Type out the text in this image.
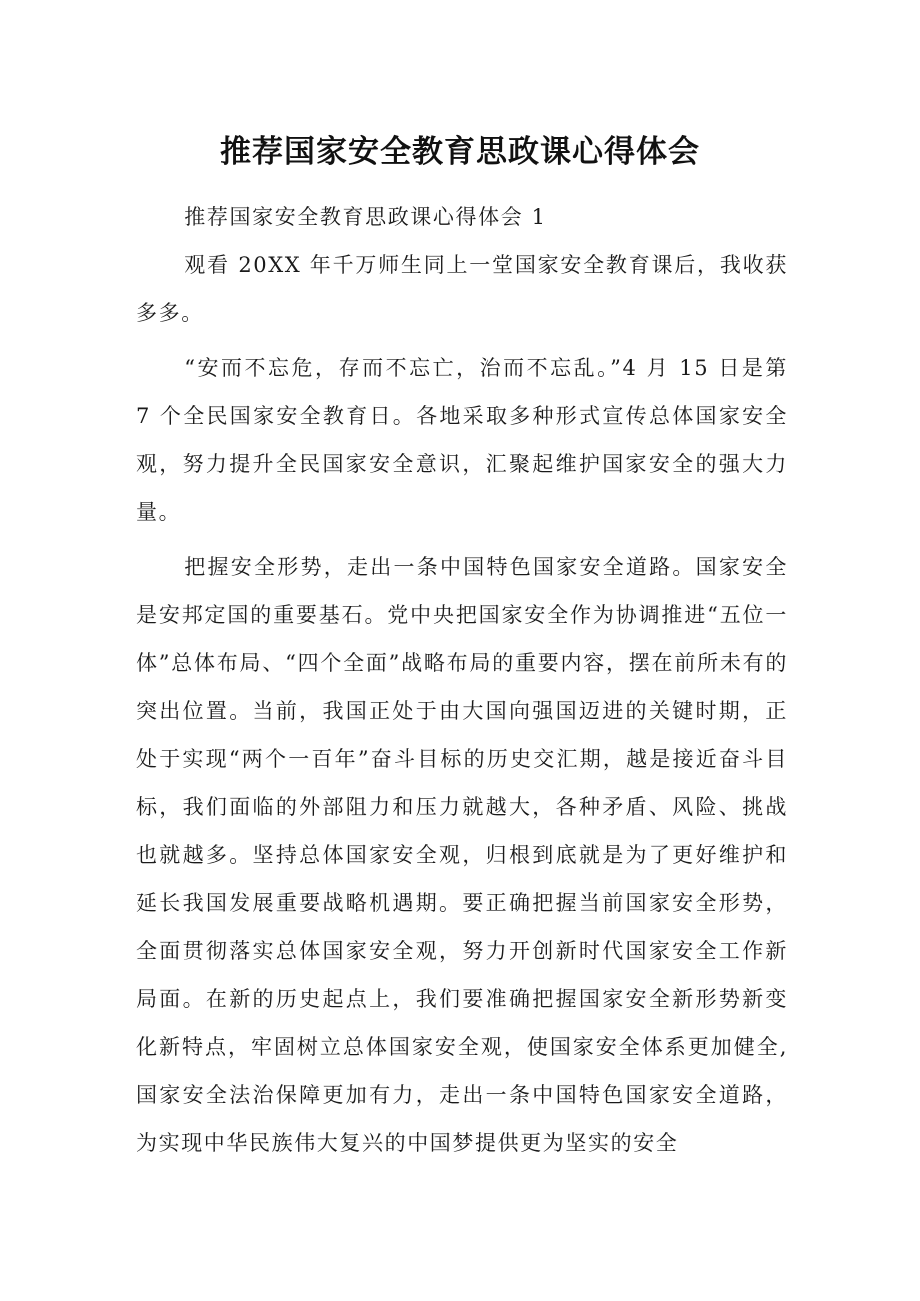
推荐国家安全教育思政课心得体会

推荐国家安全教育思政课心得体会 1

观看 20XX 年千万师生同上一堂国家安全教育课后，我收获多多。

“安而不忘危，存而不忘亡，治而不忘乱。”4 月 15 日是第 7 个全民国家安全教育日。各地采取多种形式宣传总体国家安全观，努力提升全民国家安全意识，汇聚起维护国家安全的强大力量。

把握安全形势，走出一条中国特色国家安全道路。国家安全是安邦定国的重要基石。党中央把国家安全作为协调推进“五位一体”总体布局、“四个全面”战略布局的重要内容，摆在前所未有的突出位置。当前，我国正处于由大国向强国迈进的关键时期，正处于实现“两个一百年”奋斗目标的历史交汇期，越是接近奋斗目标，我们面临的外部阻力和压力就越大，各种矛盾、风险、挑战也就越多。坚持总体国家安全观，归根到底就是为了更好维护和延长我国发展重要战略机遇期。要正确把握当前国家安全形势，全面贯彻落实总体国家安全观，努力开创新时代国家安全工作新局面。在新的历史起点上，我们要准确把握国家安全新形势新变化新特点，牢固树立总体国家安全观，使国家安全体系更加健全,国家安全法治保障更加有力，走出一条中国特色国家安全道路，为实现中华民族伟大复兴的中国梦提供更为坚实的安全
